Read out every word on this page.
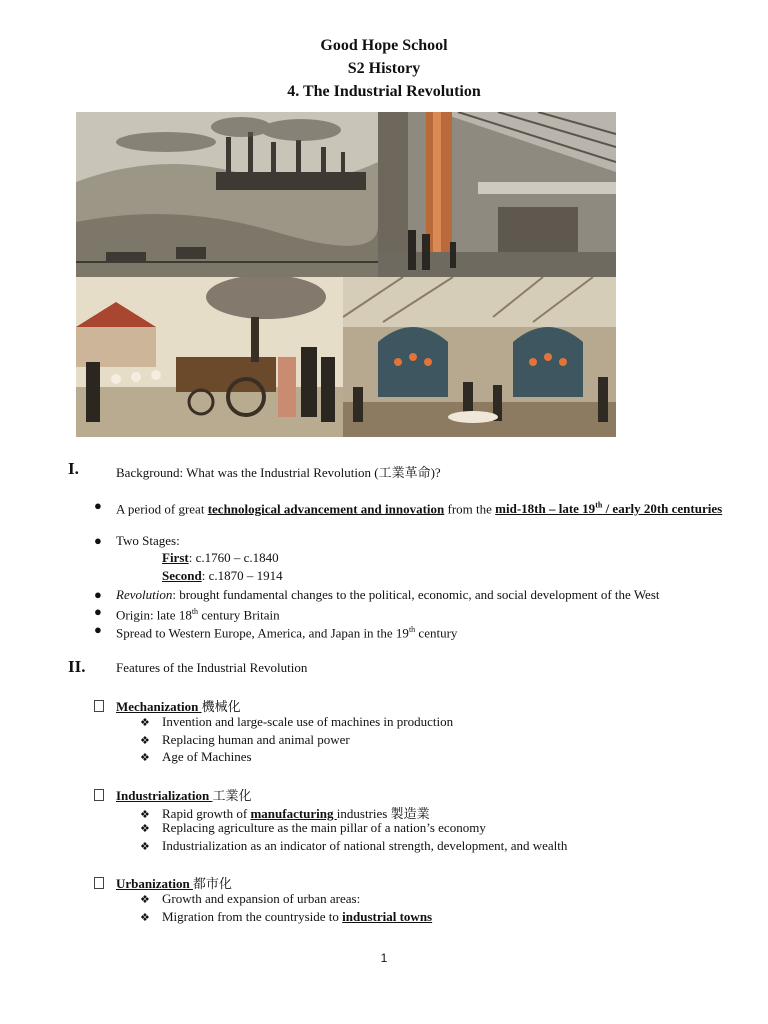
Good Hope School
S2 History
4. The Industrial Revolution
I.	Background: What was the Industrial Revolution (工業革命)?
● A period of great technological advancement and innovation from the mid-18th – late 19th / early 20th centuries
● Two Stages:
First: c.1760 – c.1840
Second: c.1870 – 1914
● Revolution: brought fundamental changes to the political, economic, and social development of the West
● Origin: late 18th century Britain
● Spread to Western Europe, America, and Japan in the 19th century
II. Features of the Industrial Revolution
Mechanization 機械化
❖ Invention and large-scale use of machines in production
❖ Replacing human and animal power
❖ Age of Machines
Industrialization 工業化
❖ Rapid growth of manufacturing industries 製造業
❖ Replacing agriculture as the main pillar of a nation’s economy
❖ Industrialization as an indicator of national strength, development, and wealth
Urbanization 都市化
❖ Growth and expansion of urban areas:
❖ Migration from the countryside to industrial towns
1
